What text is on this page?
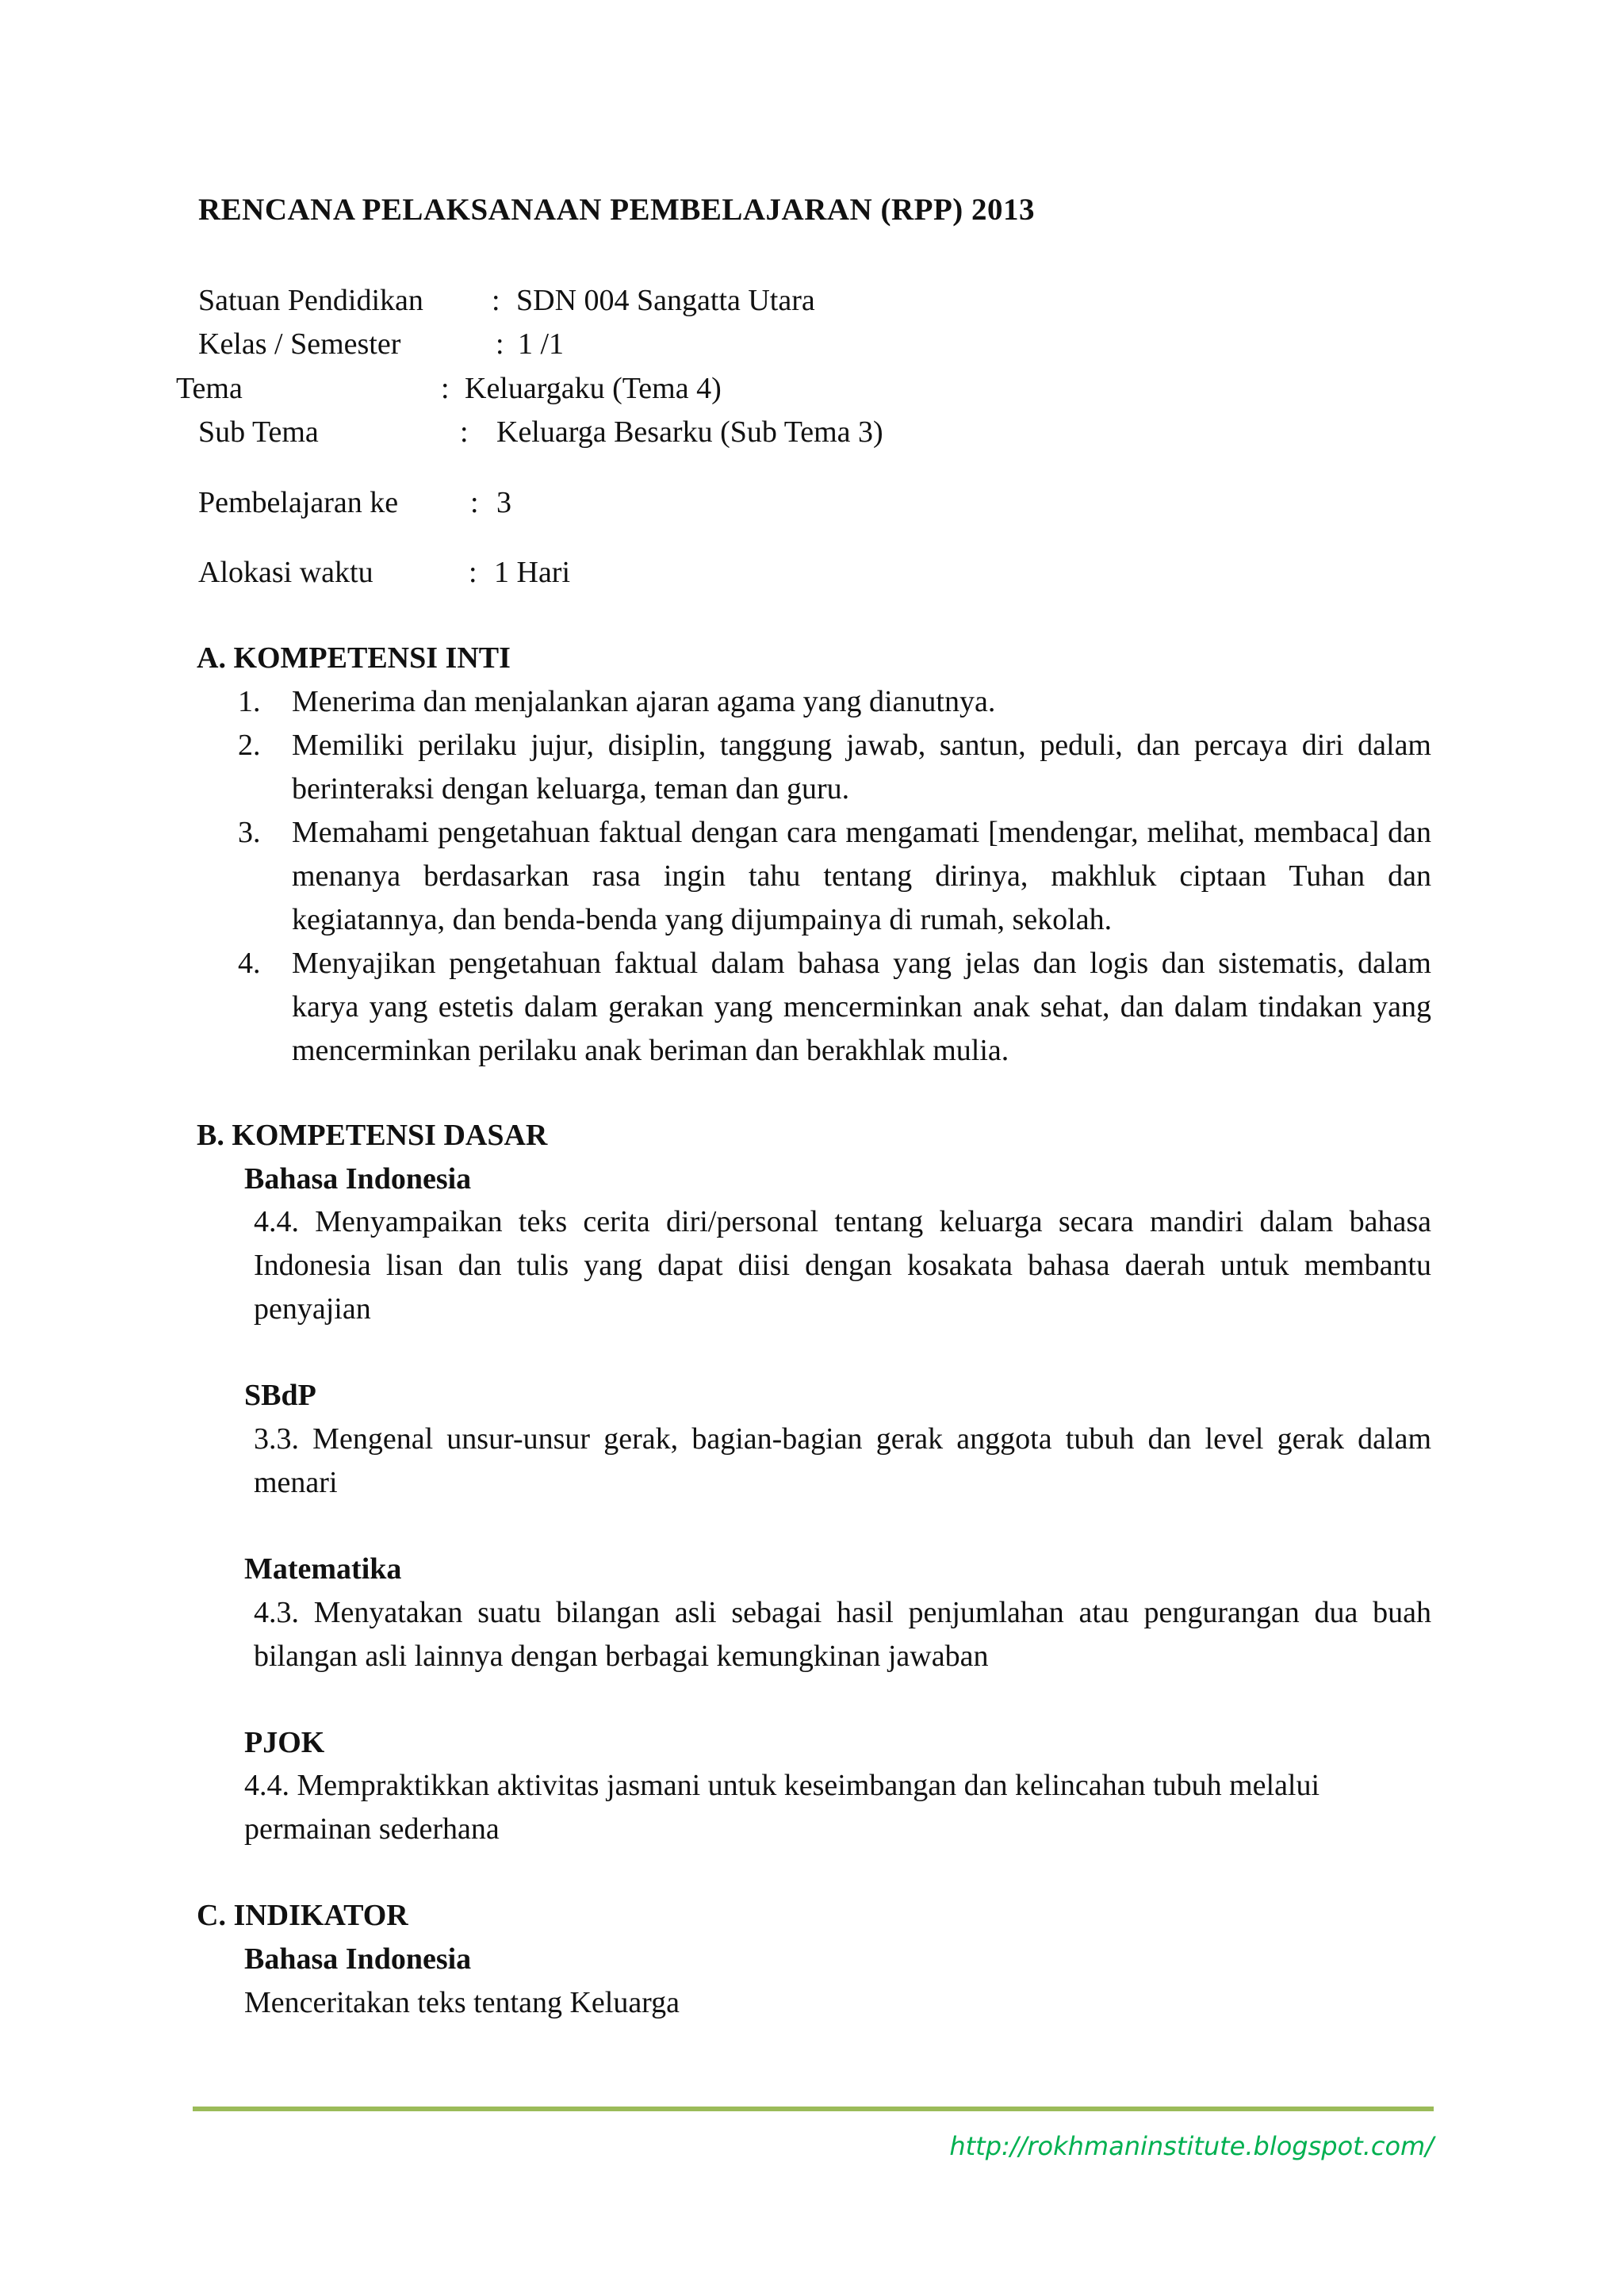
RENCANA PELAKSANAAN PEMBELAJARAN (RPP) 2013
Satuan Pendidikan : SDN 004 Sangatta Utara
Kelas / Semester	: 1 /1
Tema	: Keluargaku (Tema 4)
Sub Tema	: Keluarga Besarku (Sub Tema 3)
Pembelajaran ke : 3
Alokasi waktu	: 1 Hari
A. KOMPETENSI INTI
1. Menerima dan menjalankan ajaran agama yang dianutnya.
2. Memiliki perilaku jujur, disiplin, tanggung jawab, santun, peduli, dan percaya diri dalam berinteraksi dengan keluarga, teman dan guru.
3. Memahami pengetahuan faktual dengan cara mengamati [mendengar, melihat, membaca] dan menanya berdasarkan rasa ingin tahu tentang dirinya, makhluk ciptaan Tuhan dan kegiatannya, dan benda-benda yang dijumpainya di rumah, sekolah.
4. Menyajikan pengetahuan faktual dalam bahasa yang jelas dan logis dan sistematis, dalam karya yang estetis dalam gerakan yang mencerminkan anak sehat, dan dalam tindakan yang mencerminkan perilaku anak beriman dan berakhlak mulia.
B. KOMPETENSI DASAR
Bahasa Indonesia
4.4. Menyampaikan teks cerita diri/personal tentang keluarga secara mandiri dalam bahasa Indonesia lisan dan tulis yang dapat diisi dengan kosakata bahasa daerah untuk membantu penyajian
SBdP
3.3. Mengenal unsur-unsur gerak, bagian-bagian gerak anggota tubuh dan level gerak dalam menari
Matematika
4.3. Menyatakan suatu bilangan asli sebagai hasil penjumlahan atau pengurangan dua buah bilangan asli lainnya dengan berbagai kemungkinan jawaban
PJOK
4.4. Mempraktikkan aktivitas jasmani untuk keseimbangan dan kelincahan tubuh melalui permainan sederhana
C. INDIKATOR
Bahasa Indonesia
Menceritakan teks tentang Keluarga
http://rokhmaninstitute.blogspot.com/
